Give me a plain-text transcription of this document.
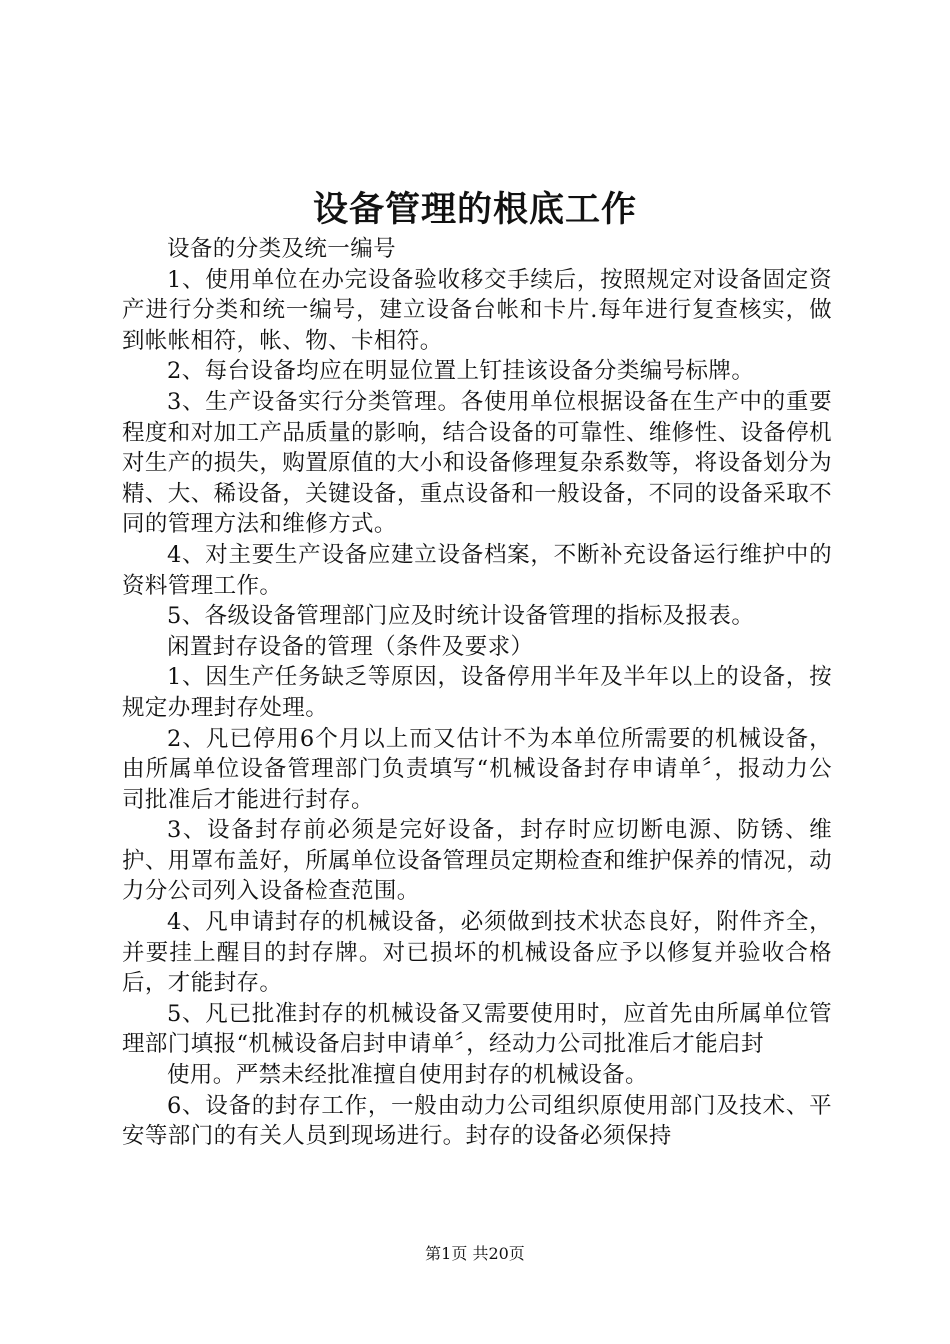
设备管理的根底工作

设备的分类及统一编号

1、使用单位在办完设备验收移交手续后，按照规定对设备固定资产进行分类和统一编号，建立设备台帐和卡片.每年进行复查核实，做到帐帐相符，帐、物、卡相符。

2、每台设备均应在明显位置上钉挂该设备分类编号标牌。

3、生产设备实行分类管理。各使用单位根据设备在生产中的重要程度和对加工产品质量的影响，结合设备的可靠性、维修性、设备停机对生产的损失，购置原值的大小和设备修理复杂系数等，将设备划分为精、大、稀设备，关键设备，重点设备和一般设备，不同的设备采取不同的管理方法和维修方式。

4、对主要生产设备应建立设备档案，不断补充设备运行维护中的资料管理工作。

5、各级设备管理部门应及时统计设备管理的指标及报表。

闲置封存设备的管理（条件及要求）

1、因生产任务缺乏等原因，设备停用半年及半年以上的设备，按规定办理封存处理。

2、凡已停用6个月以上而又估计不为本单位所需要的机械设备，由所属单位设备管理部门负责填写“机械设备封存申请单〞，报动力公司批准后才能进行封存。

3、设备封存前必须是完好设备，封存时应切断电源、防锈、维护、用罩布盖好，所属单位设备管理员定期检查和维护保养的情况，动力分公司列入设备检查范围。

4、凡申请封存的机械设备，必须做到技术状态良好，附件齐全，并要挂上醒目的封存牌。对已损坏的机械设备应予以修复并验收合格后，才能封存。

5、凡已批准封存的机械设备又需要使用时，应首先由所属单位管理部门填报“机械设备启封申请单〞，经动力公司批准后才能启封

使用。严禁未经批准擅自使用封存的机械设备。

6、设备的封存工作，一般由动力公司组织原使用部门及技术、平安等部门的有关人员到现场进行。封存的设备必须保持

第1页 共20页
